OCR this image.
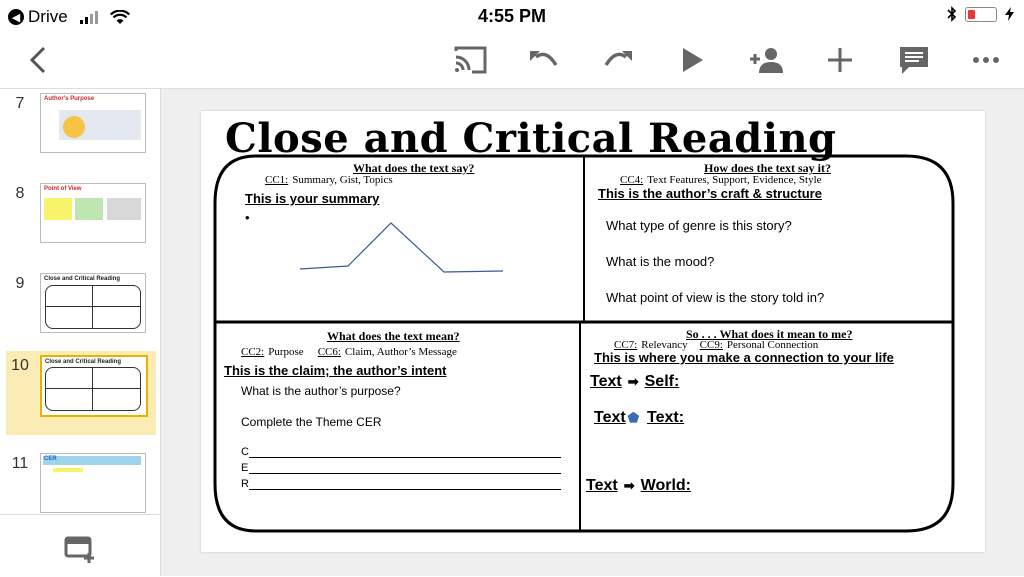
◀ Drive	4:55 PM
7	Author's Purpose
8	Point of View
9	Close and Critical Reading
10	Close and Critical Reading
11	CER
Close and Critical Reading
What does the text say?
CC1: Summary, Gist, Topics
This is your summary
•
How does the text say it?
CC4: Text Features, Support, Evidence, Style
This is the author’s craft & structure
What type of genre is this story?
What is the mood?
What point of view is the story told in?
What does the text mean?
CC2: Purpose CC6: Claim, Author’s Message
This is the claim; the author’s intent
What is the author’s purpose?
Complete the Theme CER
C
E
R
So . . . What does it mean to me?
CC7: Relevancy CC9: Personal Connection
This is where you make a connection to your life
Text ➡ Self:
Text ⬟ Text:
Text ➡ World:
